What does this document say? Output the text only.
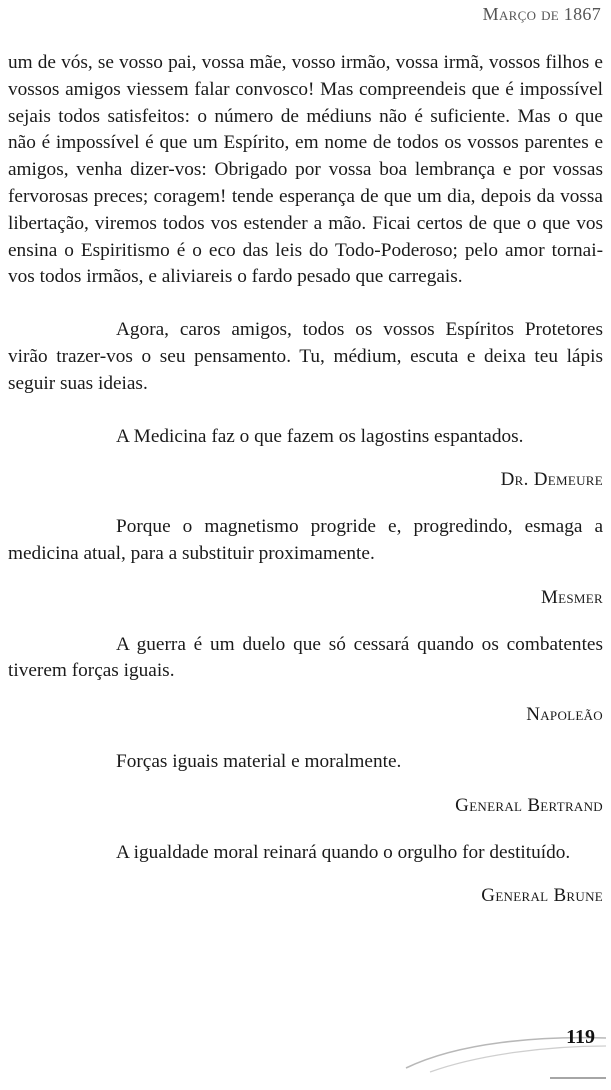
Março de 1867

um de vós, se vosso pai, vossa mãe, vosso irmão, vossa irmã, vossos filhos e vossos amigos viessem falar convosco! Mas compreendeis que é impossível sejais todos satisfeitos: o número de médiuns não é suficiente. Mas o que não é impossível é que um Espírito, em nome de todos os vossos parentes e amigos, venha dizer-vos: Obrigado por vossa boa lembrança e por vossas fervorosas preces; coragem! tende esperança de que um dia, depois da vossa libertação, viremos todos vos estender a mão. Ficai certos de que o que vos ensina o Espiritismo é o eco das leis do Todo-Poderoso; pelo amor tornai-vos todos irmãos, e aliviareis o fardo pesado que carregais.

Agora, caros amigos, todos os vossos Espíritos Protetores virão trazer-vos o seu pensamento. Tu, médium, escuta e deixa teu lápis seguir suas ideias.

A Medicina faz o que fazem os lagostins espantados.

Dr. Demeure

Porque o magnetismo progride e, progredindo, esmaga a medicina atual, para a substituir proximamente.

Mesmer

A guerra é um duelo que só cessará quando os combatentes tiverem forças iguais.

Napoleão

Forças iguais material e moralmente.

General Bertrand

A igualdade moral reinará quando o orgulho for destituído.

General Brune

119
